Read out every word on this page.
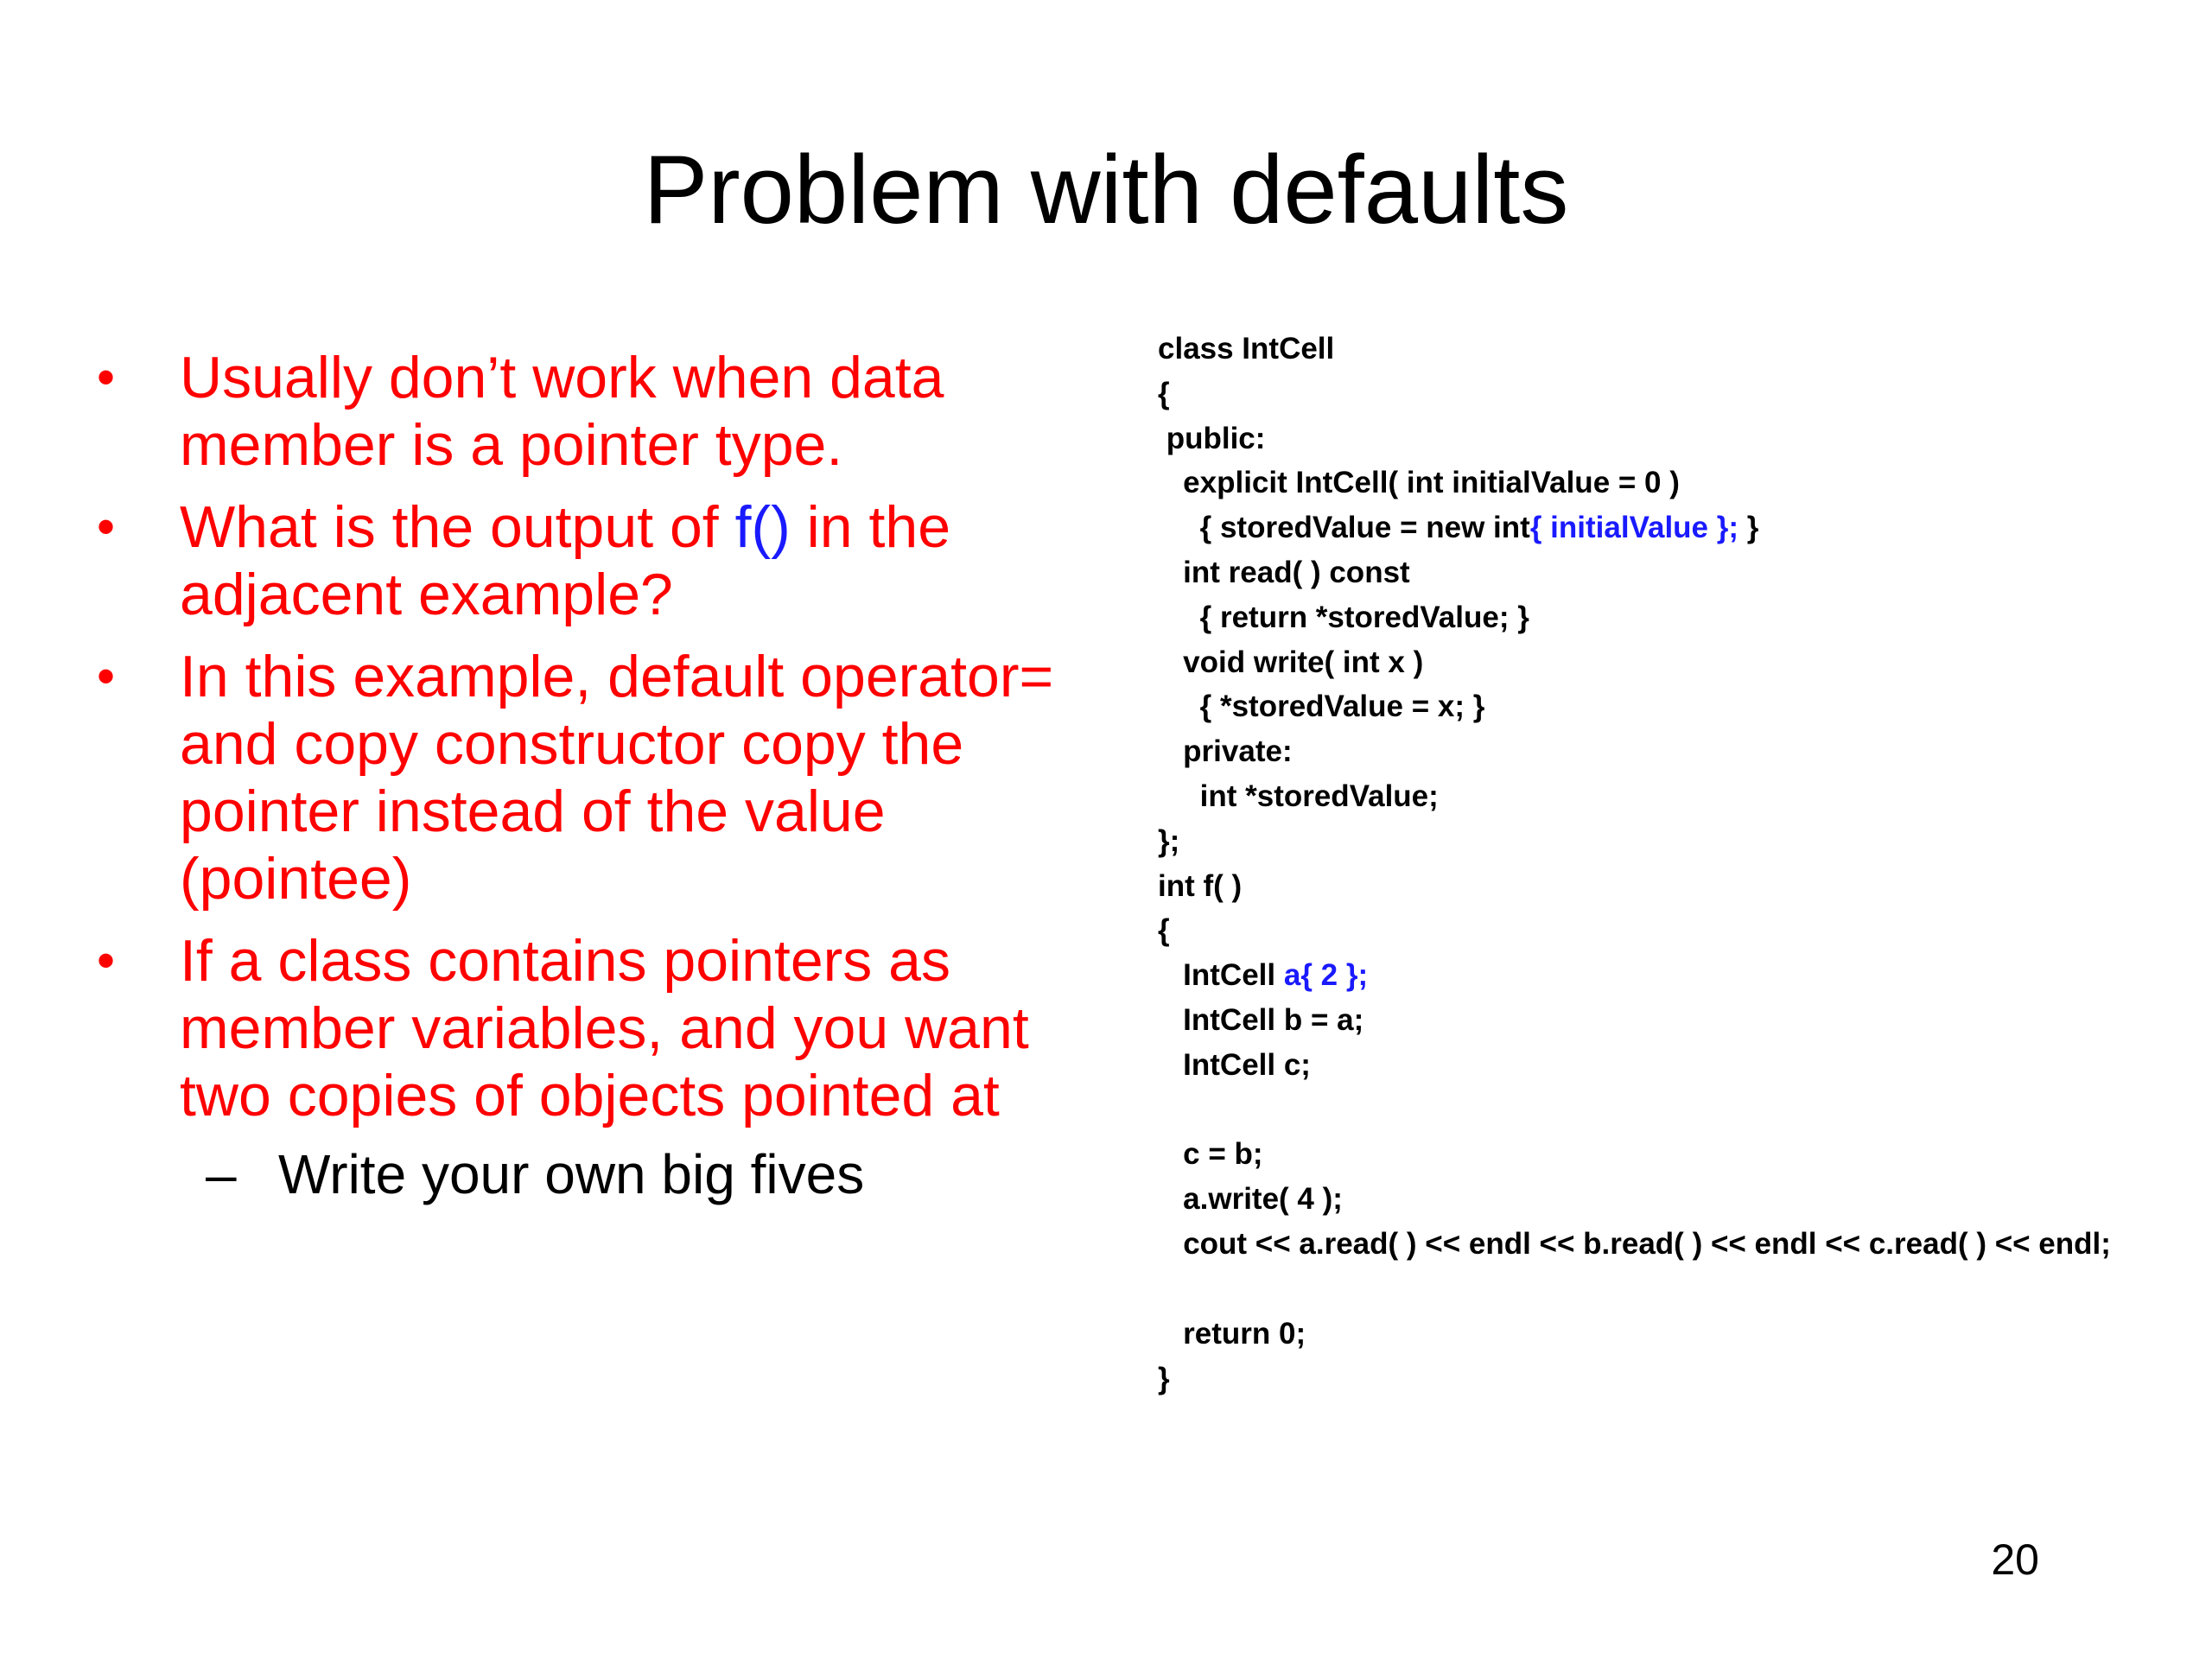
Problem with defaults
• Usually don’t work when data member is a pointer type.
• What is the output of f() in the adjacent example?
• In this example, default operator= and copy constructor copy the pointer instead of the value (pointee)
• If a class contains pointers as member variables, and you want two copies of objects pointed at
– Write your own big fives
class IntCell
{
public:
explicit IntCell( int initialValue = 0 )
{ storedValue = new int{ initialValue }; }
int read( ) const
{ return *storedValue; }
void write( int x )
{ *storedValue = x; }
private:
int *storedValue;
};
int f( )
{
IntCell a{ 2 };
IntCell b = a;
IntCell c;
c = b;
a.write( 4 );
cout << a.read( ) << endl << b.read( ) << endl << c.read( ) << endl;
return 0;
}
20
